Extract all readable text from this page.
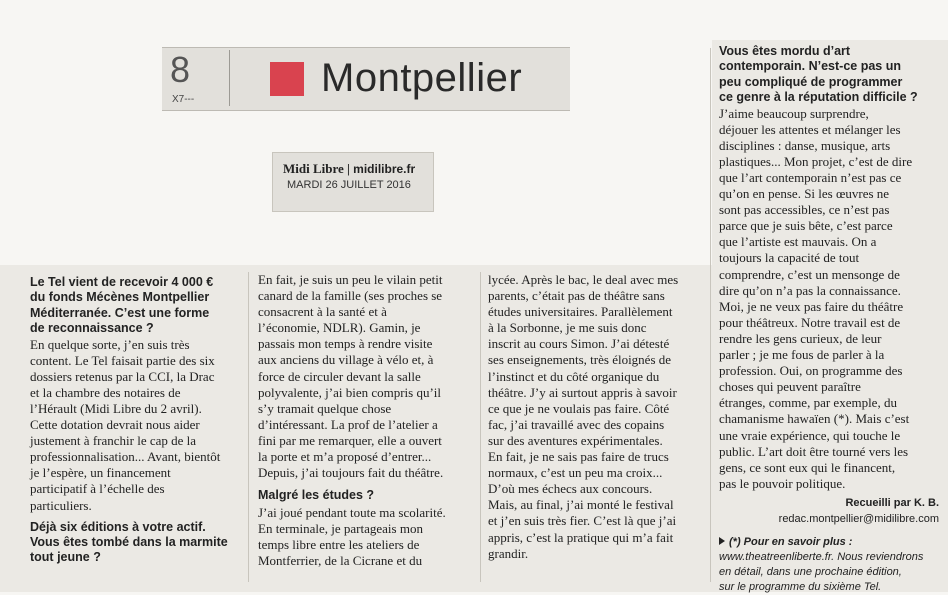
8
X7---	Montpellier
Midi Libre | midilibre.fr
MARDI 26 JUILLET 2016

Le Tel vient de recevoir 4 000 €

du fonds Mécènes Montpellier

Méditerranée. C’est une forme

de reconnaissance ?

En quelque sorte, j’en suis très

content. Le Tel faisait partie des six

dossiers retenus par la CCI, la Drac

et la chambre des notaires de

l’Hérault (Midi Libre du 2 avril).

Cette dotation devrait nous aider

justement à franchir le cap de la

professionnalisation... Avant, bientôt

je l’espère, un financement

participatif à l’échelle des

particuliers.

Déjà six éditions à votre actif.

Vous êtes tombé dans la marmite

tout jeune ?

En fait, je suis un peu le vilain petit

canard de la famille (ses proches se

consacrent à la santé et à

l’économie, NDLR). Gamin, je

passais mon temps à rendre visite

aux anciens du village à vélo et, à

force de circuler devant la salle

polyvalente, j’ai bien compris qu’il

s’y tramait quelque chose

d’intéressant. La prof de l’atelier a

fini par me remarquer, elle a ouvert

la porte et m’a proposé d’entrer...

Depuis, j’ai toujours fait du théâtre.

Malgré les études ?

J’ai joué pendant toute ma scolarité.

En terminale, je partageais mon

temps libre entre les ateliers de

Montferrier, de la Cicrane et du

lycée. Après le bac, le deal avec mes

parents, c’était pas de théâtre sans

études universitaires. Parallèlement

à la Sorbonne, je me suis donc

inscrit au cours Simon. J’ai détesté

ses enseignements, très éloignés de

l’instinct et du côté organique du

théâtre. J’y ai surtout appris à savoir

ce que je ne voulais pas faire. Côté

fac, j’ai travaillé avec des copains

sur des aventures expérimentales.

En fait, je ne sais pas faire de trucs

normaux, c’est un peu ma croix...

D’où mes échecs aux concours.

Mais, au final, j’ai monté le festival

et j’en suis très fier. C’est là que j’ai

appris, c’est la pratique qui m’a fait

grandir.

Vous êtes mordu d’art

contemporain. N’est-ce pas un

peu compliqué de programmer

ce genre à la réputation difficile ?

J’aime beaucoup surprendre,

déjouer les attentes et mélanger les

disciplines : danse, musique, arts

plastiques... Mon projet, c’est de dire

que l’art contemporain n’est pas ce

qu’on en pense. Si les œuvres ne

sont pas accessibles, ce n’est pas

parce que je suis bête, c’est parce

que l’artiste est mauvais. On a

toujours la capacité de tout

comprendre, c’est un mensonge de

dire qu’on n’a pas la connaissance.

Moi, je ne veux pas faire du théâtre

pour théâtreux. Notre travail est de

rendre les gens curieux, de leur

parler ; je me fous de parler à la

profession. Oui, on programme des

choses qui peuvent paraître

étranges, comme, par exemple, du

chamanisme hawaïen (*). Mais c’est

une vraie expérience, qui touche le

public. L’art doit être tourné vers les

gens, ce sont eux qui le financent,

pas le pouvoir politique.

Recueilli par K. B.

redac.montpellier@midilibre.com

(*) Pour en savoir plus :

www.theatreenliberte.fr. Nous reviendrons

en détail, dans une prochaine édition,

sur le programme du sixième Tel.
